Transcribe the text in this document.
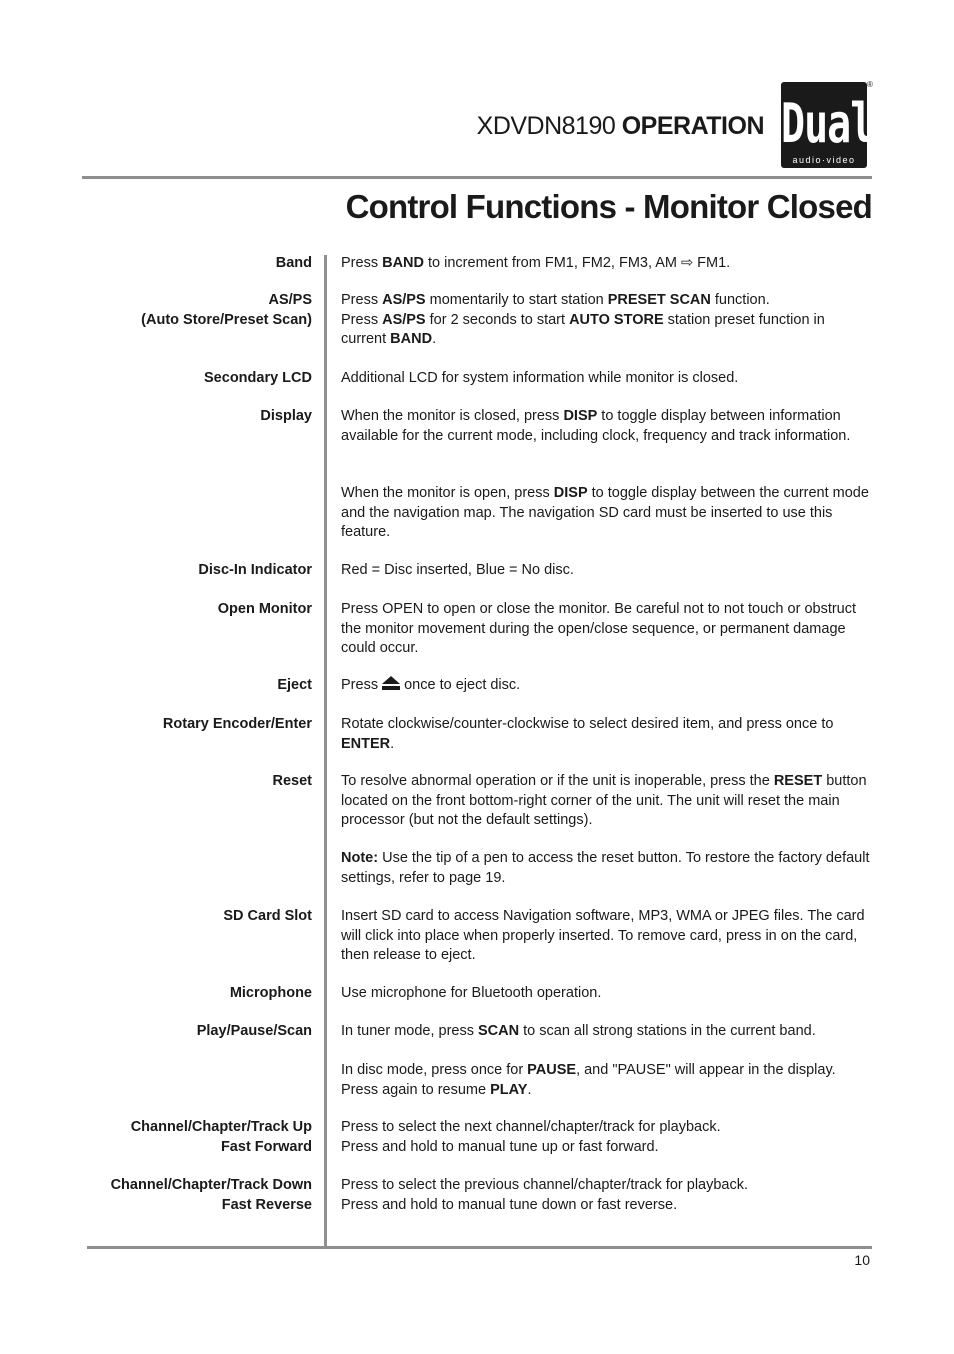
XDVDN8190 OPERATION Dual
audio·video
®
Control Functions - Monitor Closed
Band Press BAND to increment from FM1, FM2, FM3, AM ⇨ FM1.
AS/PS
(Auto Store/Preset Scan)
Press AS/PS momentarily to start station PRESET SCAN function.
Press AS/PS for 2 seconds to start AUTO STORE station preset function in current BAND.
Secondary LCD Additional LCD for system information while monitor is closed.
Display When the monitor is closed, press DISP to toggle display between information available for the current mode, including clock, frequency and track information.
When the monitor is open, press DISP to toggle display between the current mode and the navigation map. The navigation SD card must be inserted to use this feature.
Disc-In Indicator Red = Disc inserted, Blue = No disc.
Open Monitor Press OPEN to open or close the monitor. Be careful not to not touch or obstruct the monitor movement during the open/close sequence, or permanent damage could occur.
Eject Press  once to eject disc.
Rotary Encoder/Enter Rotate clockwise/counter-clockwise to select desired item, and press once to ENTER.
Reset To resolve abnormal operation or if the unit is inoperable, press the RESET button located on the front bottom-right corner of the unit. The unit will reset the main processor (but not the default settings).
Note: Use the tip of a pen to access the reset button. To restore the factory default settings, refer to page 19.
SD Card Slot Insert SD card to access Navigation software, MP3, WMA or JPEG files. The card will click into place when properly inserted. To remove card, press in on the card, then release to eject.
Microphone Use microphone for Bluetooth operation.
Play/Pause/Scan In tuner mode, press SCAN to scan all strong stations in the current band.
In disc mode, press once for PAUSE, and "PAUSE" will appear in the display. Press again to resume PLAY.
Channel/Chapter/Track Up
Fast Forward
Press to select the next channel/chapter/track for playback.
Press and hold to manual tune up or fast forward.
Channel/Chapter/Track Down
Fast Reverse
Press to select the previous channel/chapter/track for playback.
Press and hold to manual tune down or fast reverse.
10
